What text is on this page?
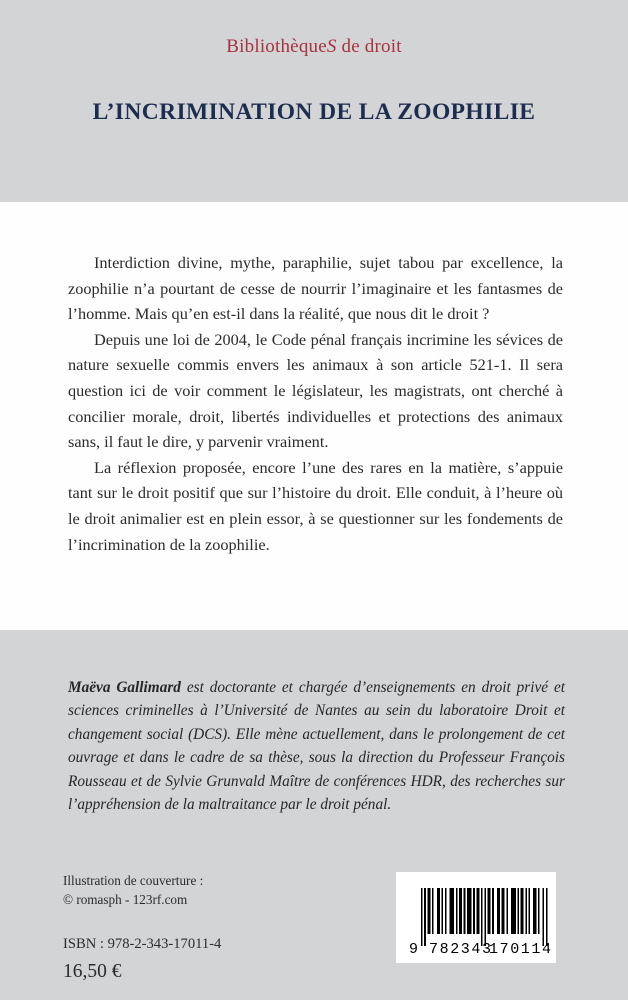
BibliothèqueS de droit
L’INCRIMINATION DE LA ZOOPHILIE

Interdiction divine, mythe, paraphilie, sujet tabou par excellence, la zoophilie n’a pourtant de cesse de nourrir l’imaginaire et les fantasmes de l’homme. Mais qu’en est-il dans la réalité, que nous dit le droit ?

Depuis une loi de 2004, le Code pénal français incrimine les sévices de nature sexuelle commis envers les animaux à son article 521-1. Il sera question ici de voir comment le législateur, les magistrats, ont cherché à concilier morale, droit, libertés individuelles et protections des animaux sans, il faut le dire, y parvenir vraiment.

La réflexion proposée, encore l’une des rares en la matière, s’appuie tant sur le droit positif que sur l’histoire du droit. Elle conduit, à l’heure où le droit animalier est en plein essor, à se questionner sur les fondements de l’incrimination de la zoophilie.

Maëva Gallimard est doctorante et chargée d’enseignements en droit privé et sciences criminelles à l’Université de Nantes au sein du laboratoire Droit et changement social (DCS). Elle mène actuellement, dans le prolongement de cet ouvrage et dans le cadre de sa thèse, sous la direction du Professeur François Rousseau et de Sylvie Grunvald Maître de conférences HDR, des recherches sur l’appréhension de la maltraitance par le droit pénal.
Illustration de couverture :
© romasph - 123rf.com
ISBN : 978-2-343-17011-4
16,50 €
9 782343
170114
